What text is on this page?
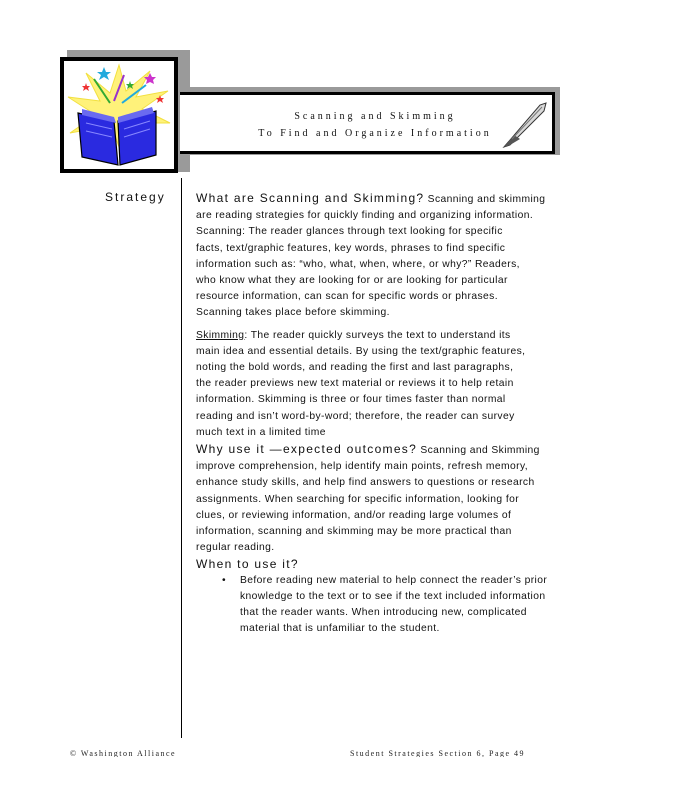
Scanning and Skimming
To Find and Organize Information
Strategy	What are Scanning and Skimming? Scanning and skimming are reading strategies for quickly finding and organizing information.

Scanning: The reader glances through text looking for specific facts, text/graphic features, key words, phrases to find specific information such as: “who, what, when, where, or why?” Readers, who know what they are looking for or are looking for particular resource information, can scan for specific words or phrases. Scanning takes place before skimming.

Skimming: The reader quickly surveys the text to understand its main idea and essential details. By using the text/graphic features, noting the bold words, and reading the first and last paragraphs, the reader previews new text material or reviews it to help retain information. Skimming is three or four times faster than normal reading and isn’t word-by-word; therefore, the reader can survey much text in a limited time

Why use it —expected outcomes? Scanning and Skimming improve comprehension, help identify main points, refresh memory, enhance study skills, and help find answers to questions or research assignments. When searching for specific information, looking for clues, or reviewing information, and/or reading large volumes of information, scanning and skimming may be more practical than regular reading.

When to use it?

•	Before reading new material to help connect the reader’s prior knowledge to the text or to see if the text included information that the reader wants. When introducing new, complicated material that is unfamiliar to the student.
© Washington Alliance	Student Strategies Section 6, Page 49
